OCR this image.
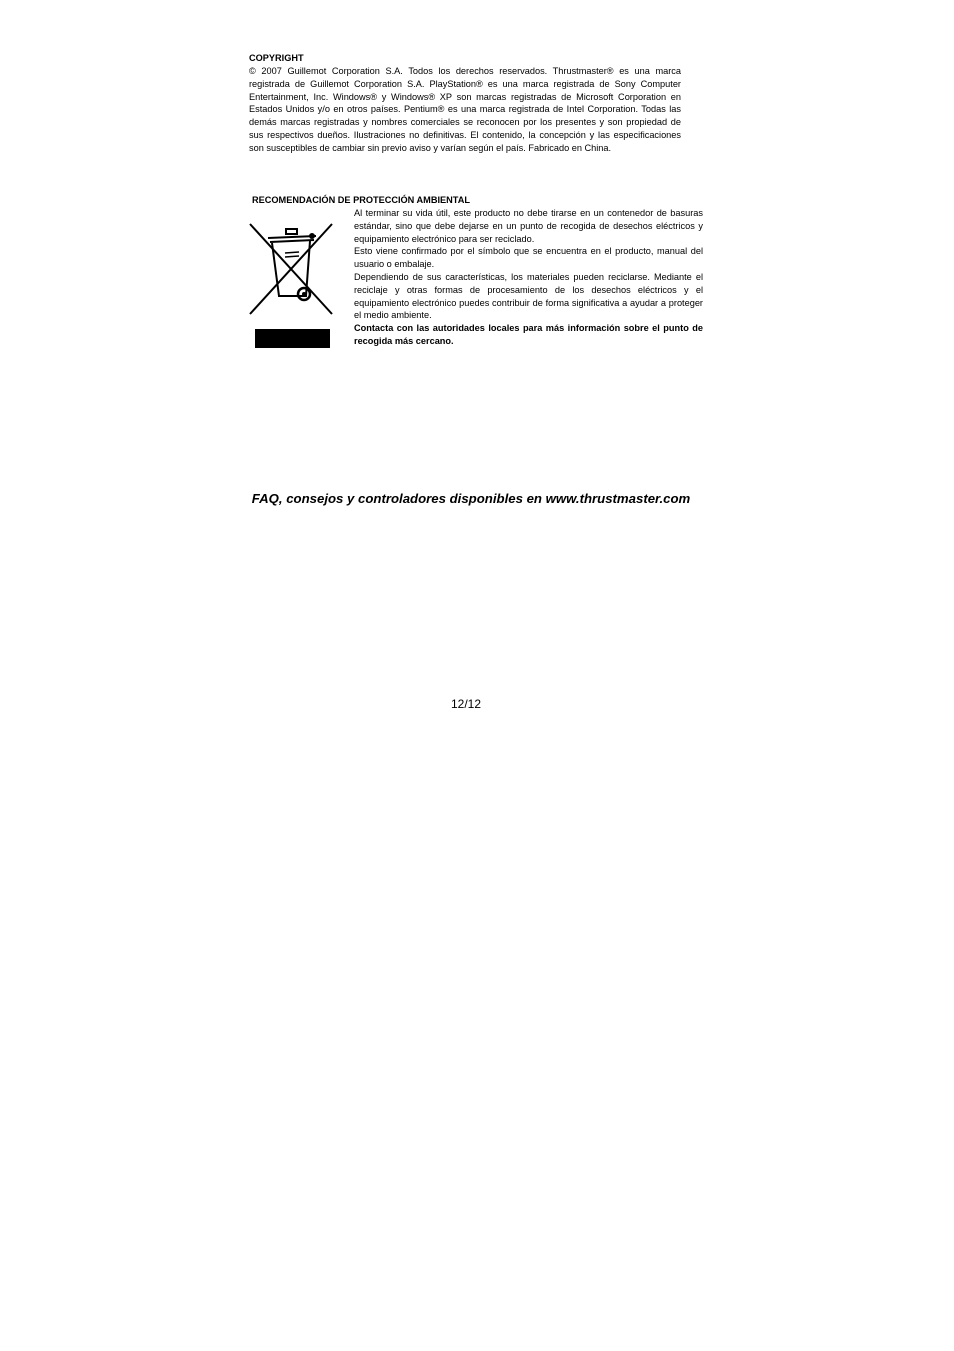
COPYRIGHT

© 2007 Guillemot Corporation S.A. Todos los derechos reservados. Thrustmaster® es una marca registrada de Guillemot Corporation S.A. PlayStation® es una marca registrada de Sony Computer Entertainment, Inc. Windows® y Windows® XP son marcas registradas de Microsoft Corporation en Estados Unidos y/o en otros países. Pentium® es una marca registrada de Intel Corporation. Todas las demás marcas registradas y nombres comerciales se reconocen por los presentes y son propiedad de sus respectivos dueños. Ilustraciones no definitivas. El contenido, la concepción y las especificaciones son susceptibles de cambiar sin previo aviso y varían según el país. Fabricado en China.

RECOMENDACIÓN DE PROTECCIÓN AMBIENTAL

Al terminar su vida útil, este producto no debe tirarse en un contenedor de basuras estándar, sino que debe dejarse en un punto de recogida de desechos eléctricos y equipamiento electrónico para ser reciclado.

Esto viene confirmado por el símbolo que se encuentra en el producto, manual del usuario o embalaje.

Dependiendo de sus características, los materiales pueden reciclarse. Mediante el reciclaje y otras formas de procesamiento de los desechos eléctricos y el equipamiento electrónico puedes contribuir de forma significativa a ayudar a proteger el medio ambiente.

Contacta con las autoridades locales para más información sobre el punto de recogida más cercano.

FAQ, consejos y controladores disponibles en www.thrustmaster.com
12/12
